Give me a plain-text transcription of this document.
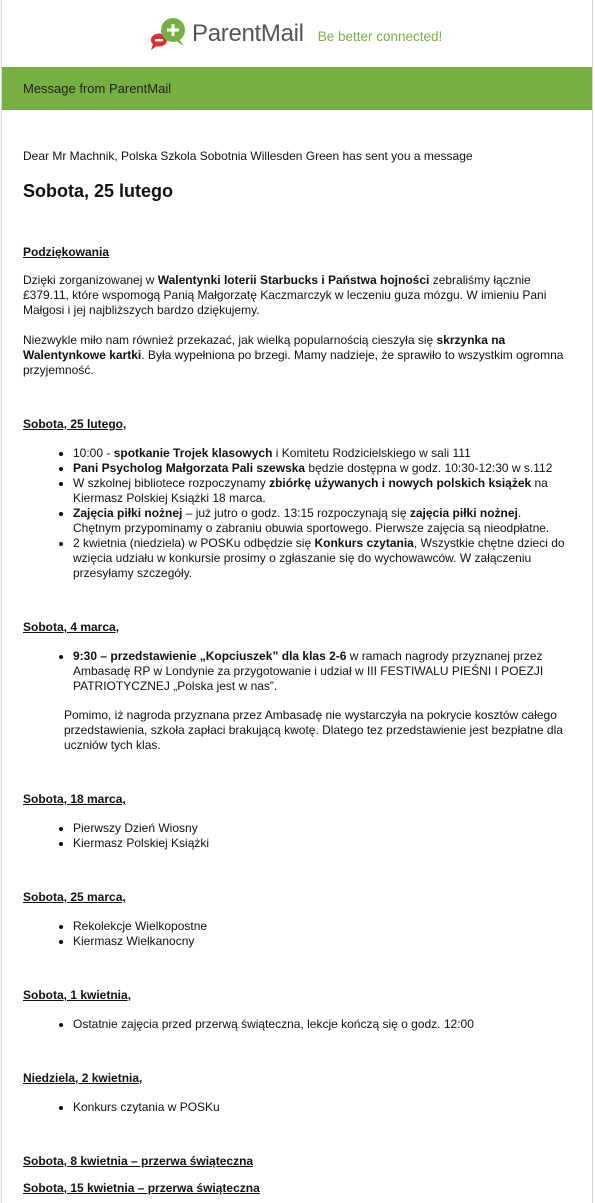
ParentMail Be better connected!
Message from ParentMail

Dear Mr Machnik, Polska Szkola Sobotnia Willesden Green has sent you a message

Sobota, 25 lutego

Podziękowania

Dzięki zorganizowanej w Walentynki loterii Starbucks i Państwa hojności zebraliśmy łącznie £379.11, które wspomogą Panią Małgorzatę Kaczmarczyk w leczeniu guza mózgu. W imieniu Pani Małgosi i jej najbliższych bardzo dziękujemy.

Niezwykle miło nam również przekazać, jak wielką popularnością cieszyła się skrzynka na Walentynkowe kartki. Była wypełniona po brzegi. Mamy nadzieje, że sprawiło to wszystkim ogromna przyjemność.

Sobota, 25 lutego,

• 10:00 - spotkanie Trojek klasowych i Komitetu Rodzicielskiego w sali 111
• Pani Psycholog Małgorzata Pali szewska będzie dostępna w godz. 10:30-12:30 w s.112
• W szkolnej bibliotece rozpoczynamy zbiórkę używanych i nowych polskich książek na Kiermasz Polskiej Książki 18 marca.
• Zajęcia piłki nożnej – już jutro o godz. 13:15 rozpoczynają się zajęcia piłki nożnej. Chętnym przypominamy o zabraniu obuwia sportowego. Pierwsze zajęcia są nieodpłatne.
• 2 kwietnia (niedziela) w POSKu odbędzie się Konkurs czytania, Wszystkie chętne dzieci do wzięcia udziału w konkursie prosimy o zgłaszanie się do wychowawców. W załączeniu przesyłamy szczegóły.

Sobota, 4 marca,

• 9:30 – przedstawienie „Kopciuszek” dla klas 2-6 w ramach nagrody przyznanej przez Ambasadę RP w Londynie za przygotowanie i udział w III FESTIWALU PIEŚNI I POEZJI PATRIOTYCZNEJ „Polska jest w nas”.

Pomimo, iż nagroda przyznana przez Ambasadę nie wystarczyła na pokrycie kosztów całego przedstawienia, szkoła zapłaci brakującą kwotę. Dlatego tez przedstawienie jest bezpłatne dla uczniów tych klas.

Sobota, 18 marca,

• Pierwszy Dzień Wiosny
• Kiermasz Polskiej Książki

Sobota, 25 marca,

• Rekolekcje Wielkopostne
• Kiermasz Wielkanocny

Sobota, 1 kwietnia,

• Ostatnie zajęcia przed przerwą świąteczna, lekcje kończą się o godz. 12:00

Niedziela, 2 kwietnia,

• Konkurs czytania w POSKu

Sobota, 8 kwietnia – przerwa świąteczna

Sobota, 15 kwietnia – przerwa świąteczna
